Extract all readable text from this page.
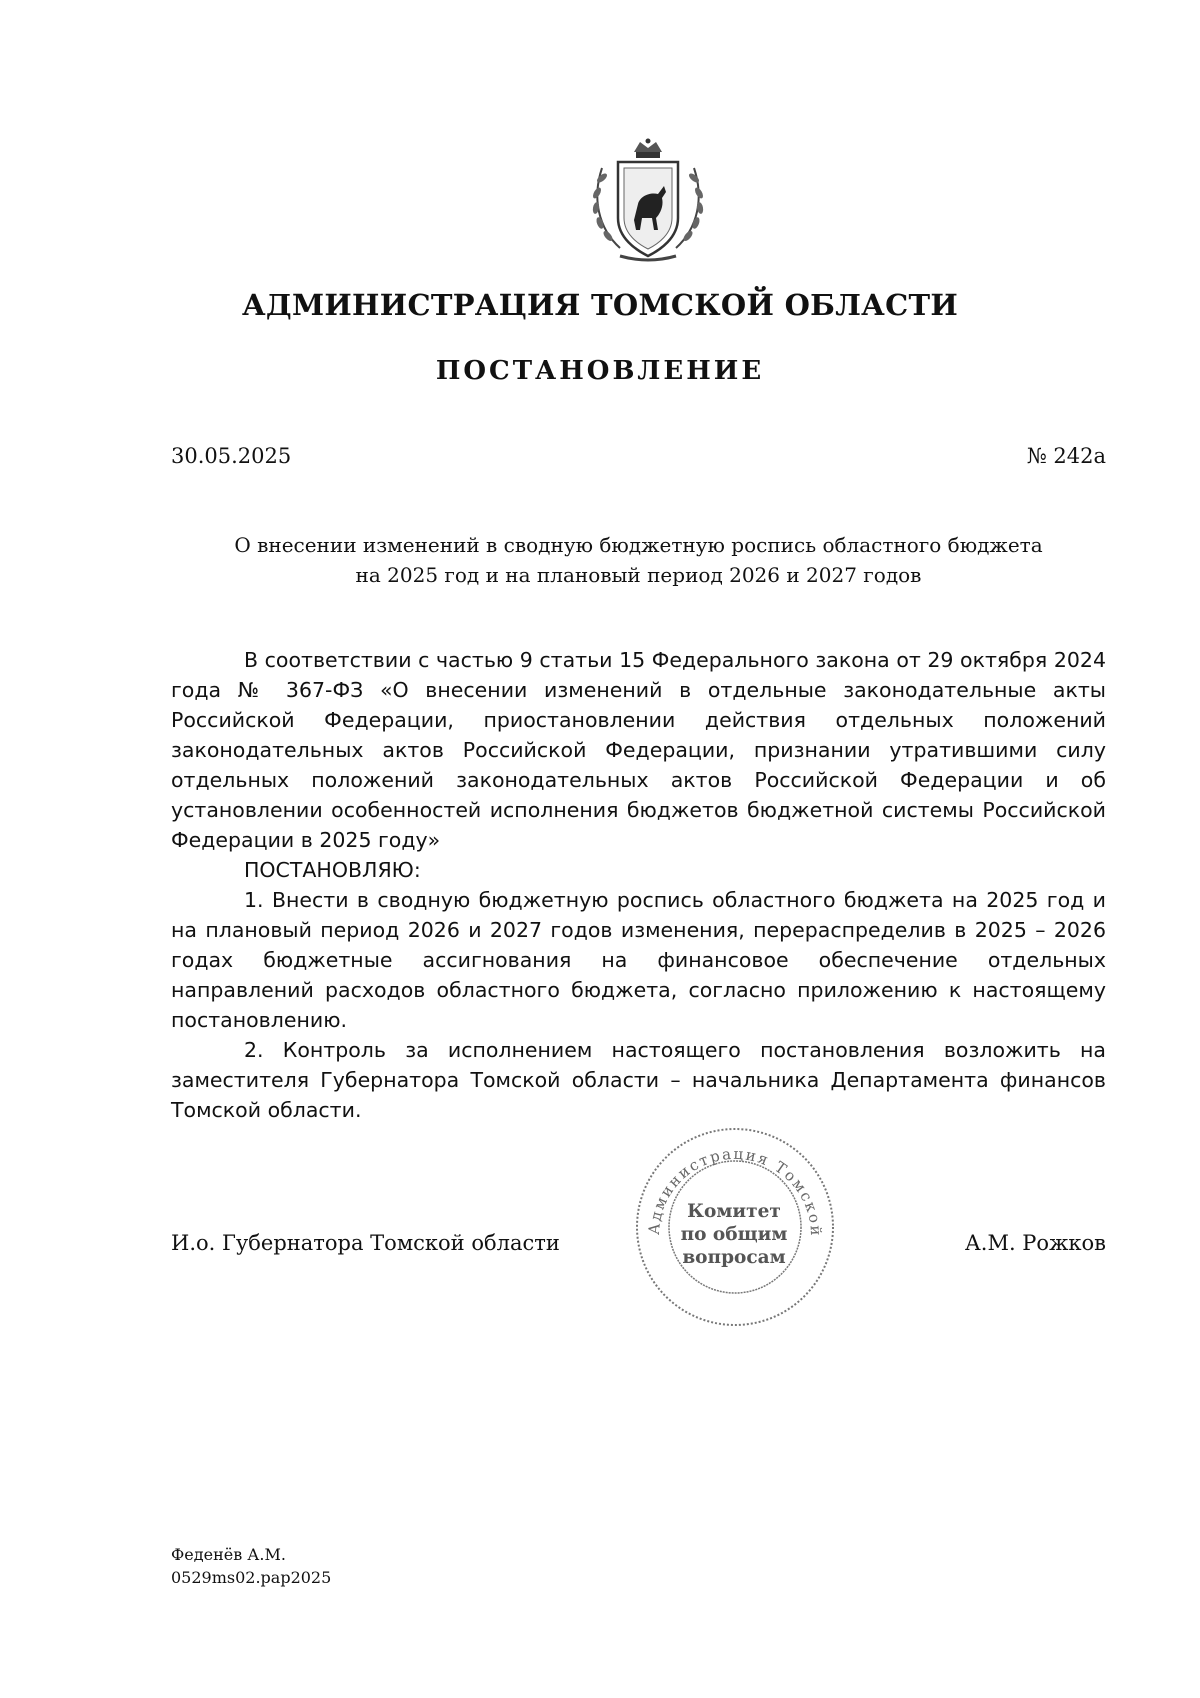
АДМИНИСТРАЦИЯ ТОМСКОЙ ОБЛАСТИ
ПОСТАНОВЛЕНИЕ
30.05.2025	№ 242а
О внесении изменений в сводную бюджетную роспись областного бюджета
на 2025 год и на плановый период 2026 и 2027 годов

В соответствии с частью 9 статьи 15 Федерального закона от 29 октября 2024 года № 367-ФЗ «О внесении изменений в отдельные законодательные акты Российской Федерации, приостановлении действия отдельных положений законодательных актов Российской Федерации, признании утратившими силу отдельных положений законодательных актов Российской Федерации и об установлении особенностей исполнения бюджетов бюджетной системы Российской Федерации в 2025 году»

ПОСТАНОВЛЯЮ:

1. Внести в сводную бюджетную роспись областного бюджета на 2025 год и на плановый период 2026 и 2027 годов изменения, перераспределив в 2025 – 2026 годах бюджетные ассигнования на финансовое обеспечение отдельных направлений расходов областного бюджета, согласно приложению к настоящему постановлению.

2. Контроль за исполнением настоящего постановления возложить на заместителя Губернатора Томской области – начальника Департамента финансов Томской области.

И.о. Губернатора Томской области
Администрация Томской
Комитет
по общим
вопросам
А.М. Рожков
Феденёв А.М.
0529ms02.pap2025
